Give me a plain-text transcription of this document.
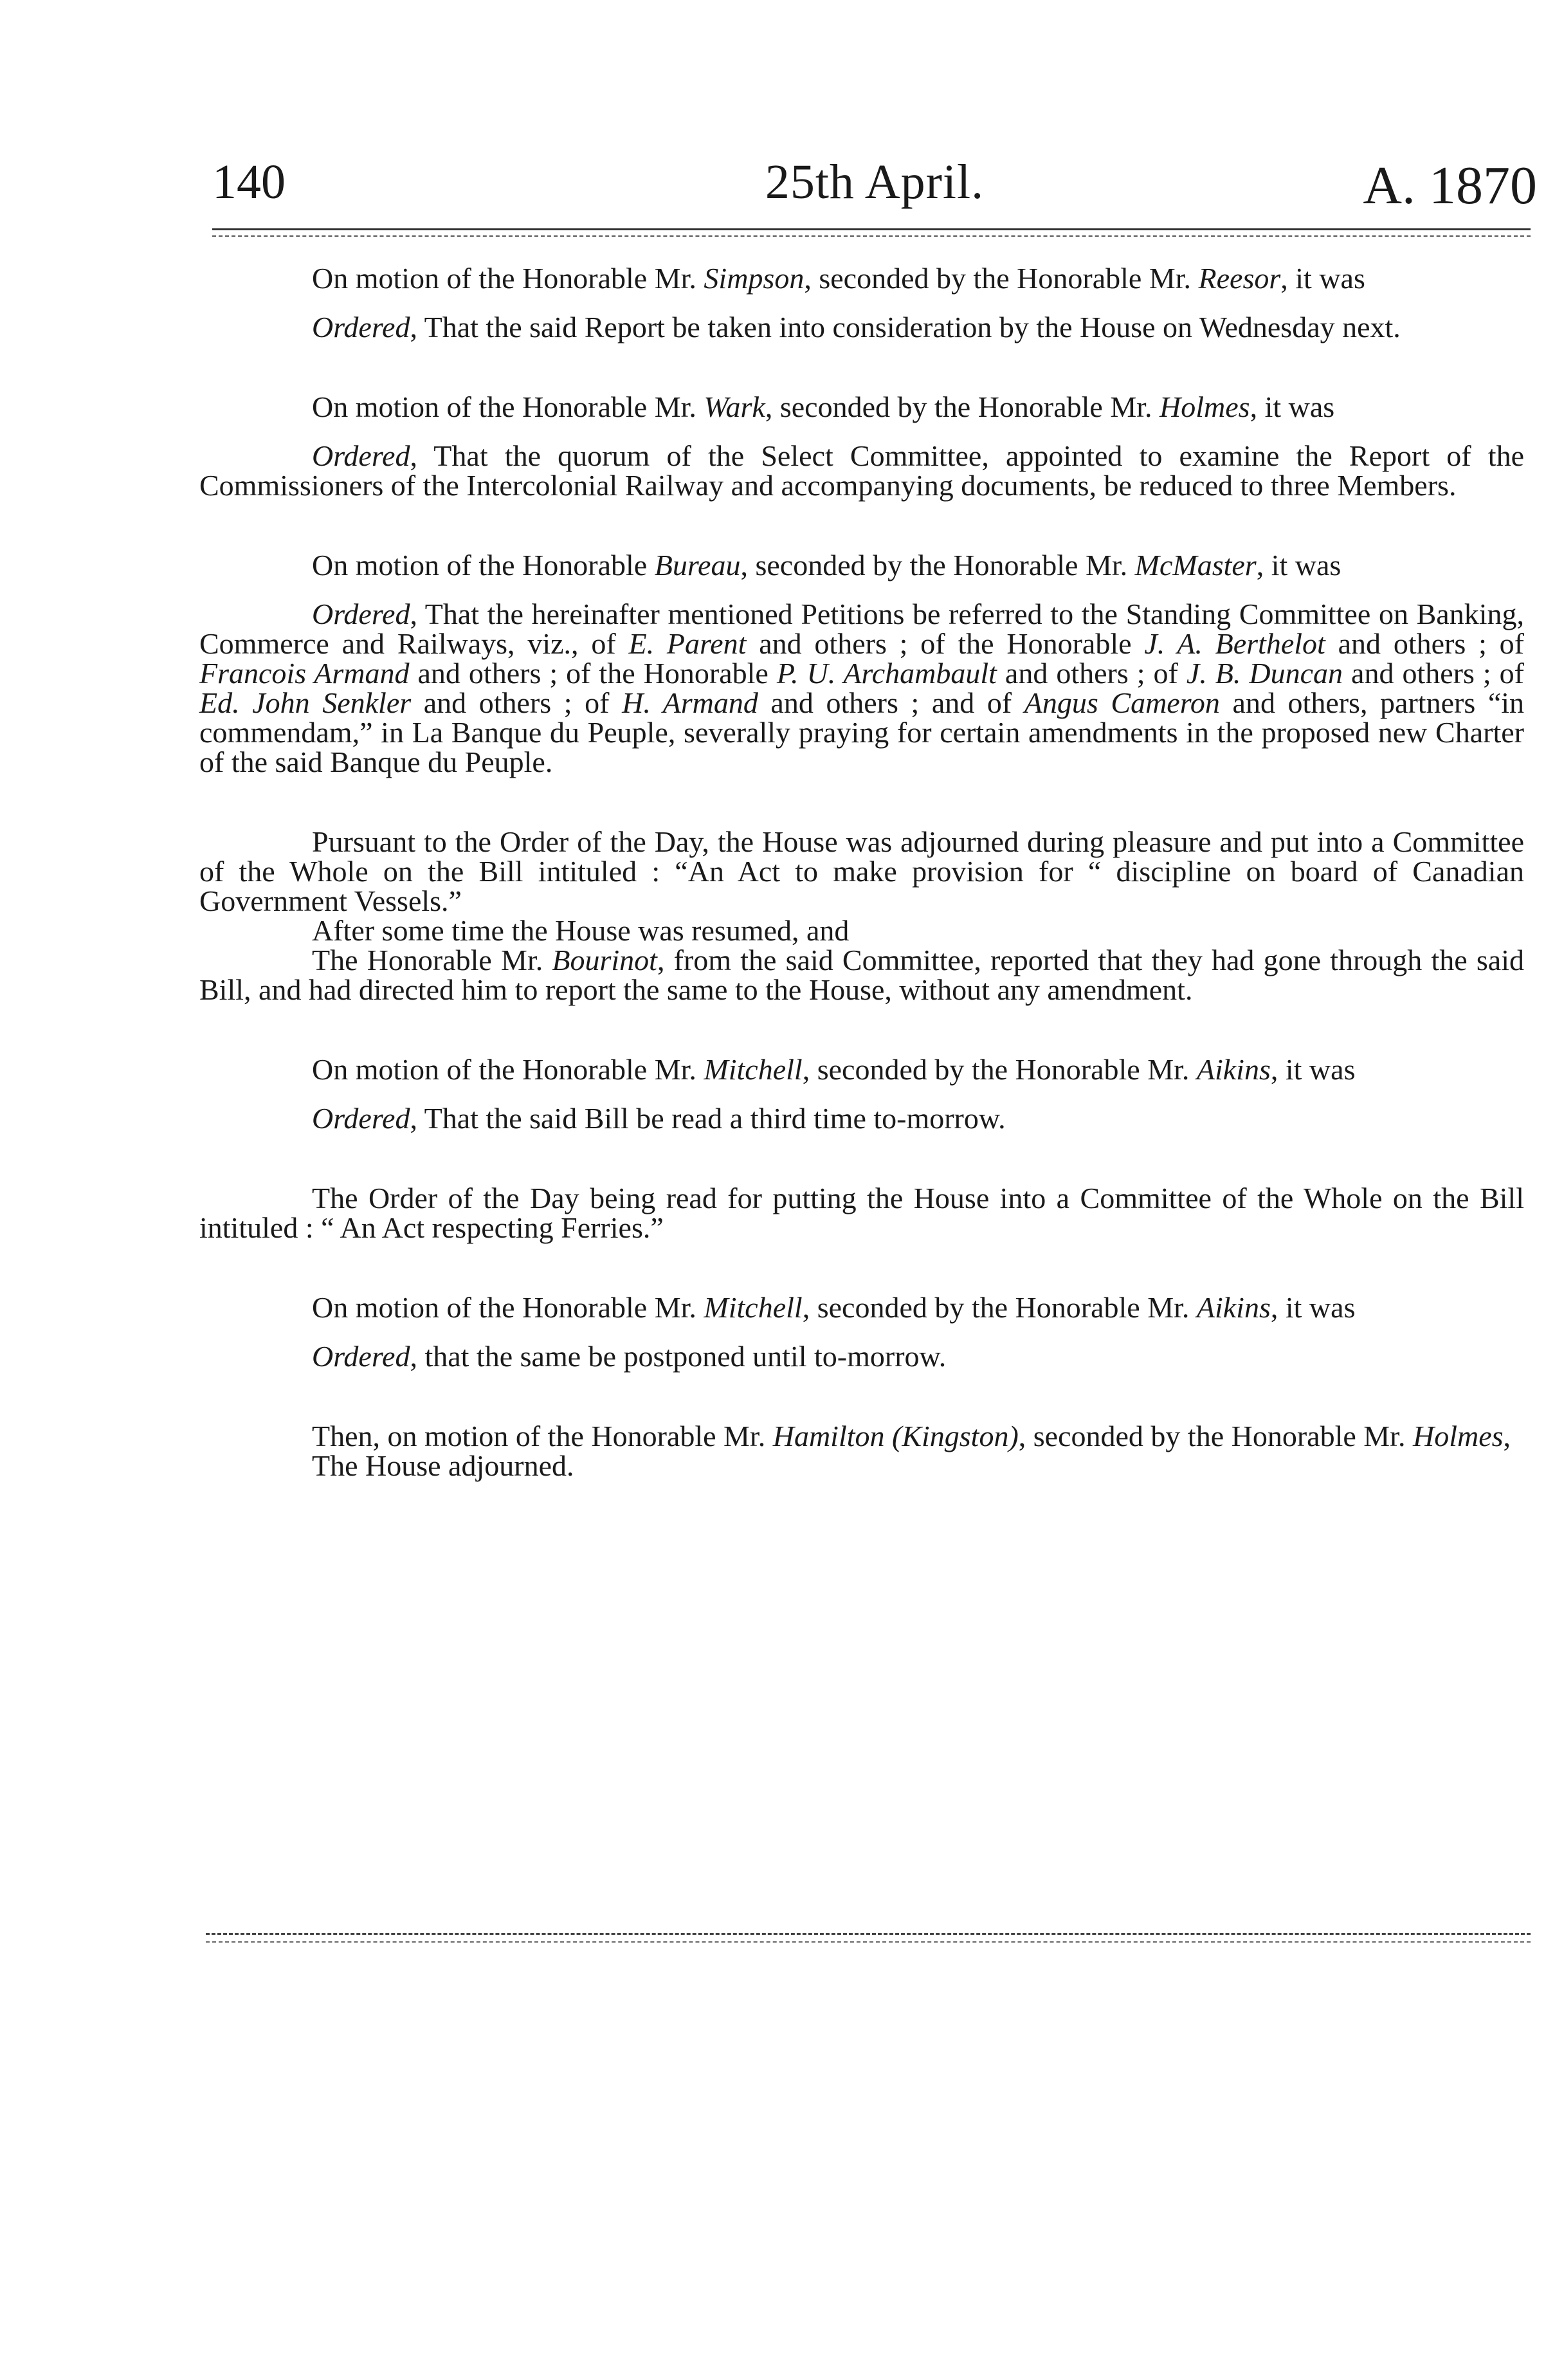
140	25th April.	A. 1870

On motion of the Honorable Mr. Simpson, seconded by the Honorable Mr. Reesor, it was

Ordered, That the said Report be taken into consideration by the House on Wednesday next.

On motion of the Honorable Mr. Wark, seconded by the Honorable Mr. Holmes, it was

Ordered, That the quorum of the Select Committee, appointed to examine the Report of the Commissioners of the Intercolonial Railway and accompanying documents, be reduced to three Members.

On motion of the Honorable Bureau, seconded by the Honorable Mr. McMaster, it was

Ordered, That the hereinafter mentioned Petitions be referred to the Standing Committee on Banking, Commerce and Railways, viz., of E. Parent and others ; of the Honorable J. A. Berthelot and others ; of Francois Armand and others ; of the Honorable P. U. Archambault and others ; of J. B. Duncan and others ; of Ed. John Senkler and others ; of H. Armand and others ; and of Angus Cameron and others, partners “in commendam,” in La Banque du Peuple, severally praying for certain amendments in the proposed new Charter of the said Banque du Peuple.

Pursuant to the Order of the Day, the House was adjourned during pleasure and put into a Committee of the Whole on the Bill intituled : “An Act to make provision for “ discipline on board of Canadian Government Vessels.”

After some time the House was resumed, and

The Honorable Mr. Bourinot, from the said Committee, reported that they had gone through the said Bill, and had directed him to report the same to the House, without any amendment.

On motion of the Honorable Mr. Mitchell, seconded by the Honorable Mr. Aikins, it was

Ordered, That the said Bill be read a third time to-morrow.

The Order of the Day being read for putting the House into a Committee of the Whole on the Bill intituled : “ An Act respecting Ferries.”

On motion of the Honorable Mr. Mitchell, seconded by the Honorable Mr. Aikins, it was

Ordered, that the same be postponed until to-morrow.

Then, on motion of the Honorable Mr. Hamilton (Kingston), seconded by the Honorable Mr. Holmes,

The House adjourned.
